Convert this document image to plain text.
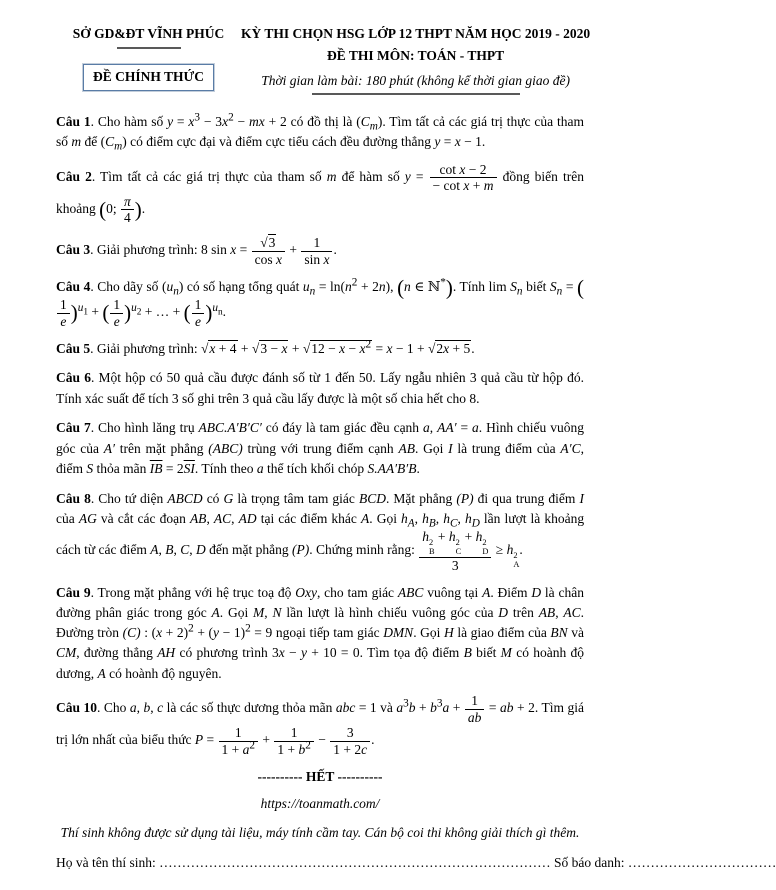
SỞ GD&ĐT VĨNH PHÚC
ĐỀ CHÍNH THỨC
KỲ THI CHỌN HSG LỚP 12 THPT NĂM HỌC 2019 - 2020
ĐỀ THI MÔN: TOÁN - THPT
Thời gian làm bài: 180 phút (không kể thời gian giao đề)
Câu 1. Cho hàm số $y = x^3 - 3x^2$ − mx + 2 có đồ thị là $(C_m)$. Tìm tất cả các giá trị thực của tham số m để $(C_m)$ có điểm cực đại và điểm cực tiểu cách đều đường thẳng y = x − 1.
Câu 2. Tìm tất cả các giá trị thực của tham số m để hàm số $y = \frac{\text{cot x − 2}}{\text{− cot x + m}}$ đồng biến trên khoảng (0; $\frac{\pi}{4}$ ).
Câu 3. Giải phương trình: 8 $\sin x = \frac{√3}{\text{cos x}} + \frac{1}{\text{sin x}}$ .
Câu 4. Cho dãy số $(u_n)$ có số hạng tổng quát $u_n = \ln(n^2 + 2n)$, (n ∈ ℕ*). Tính $\lim S_n$ biết $S_n$ = (
$\frac{1}{e} )^{u_1}$ + ( $\frac{1}{e} )^{u_2}$ + … + ( $\frac{1}{e} )^{u_n}$.
Câu 5. Giải phương trình: $√x + 4 + √3 - x + √12 - x - x^2 = x - 1 + √2x + 5$.
Câu 6. Một hộp có 50 quả cầu được đánh số từ 1 đến 50. Lấy ngẫu nhiên 3 quả cầu từ hộp đó. Tính xác suất để tích 3 số ghi trên 3 quả cầu lấy được là một số chia hết cho 8.
Câu 7. Cho hình lăng trụ ABC.A′B′C′ có đáy là tam giác đều cạnh a, AA′ = a. Hình chiếu vuông góc của A′ trên mặt phẳng (ABC) trùng với trung điểm cạnh AB. Gọi I là trung điểm của A′C, điểm S thỏa mãn $\overline{IB} = 2\overline{SI}$. Tính theo a thể tích khối chóp S.AA′B′B.
Câu 8. Cho tứ diện ABCD có G là trọng tâm tam giác BCD. Mặt phẳng (P) đi qua trung điểm I của AG và cắt các đoạn AB, AC, AD tại các điểm khác A. Gọi $h_A$, $h_B$, $h_C$, $h_D$ lần lượt là khoảng cách từ các điểm A, B, C, D đến mặt phẳng (P). Chứng minh rằng: h 2
B
+ h 2
C
+ h 2
D
3 ≥ h 2
A
.
Câu 9. Trong mặt phẳng với hệ trục toạ độ Oxy, cho tam giác ABC vuông tại A. Điểm D là chân đường phân giác trong góc A. Gọi M, N lần lượt là hình chiếu vuông góc của D trên AB, AC. Đường tròn (C) : $(x + 2)^2 + (y - 1)^2 = 9$ ngoại tiếp tam giác DMN. Gọi H là giao điểm của BN và CM, đường thẳng AH có phương trình 3x − y + 10 = 0. Tìm tọa độ điểm B biết M có hoành độ dương, A có hoành độ nguyên.
Câu 10. Cho a, b, c là các số thực dương thỏa mãn abc = 1 và $a^3b + b^3a + \frac{1}{ab}$ = ab + 2. Tìm giá trị lớn nhất của biểu thức $P = \frac{1}{1 + a^2} + \frac{1}{1 + b^2} - \frac{3}{1 + 2c}$ .
---------- HẾT ----------
https://toanmath.com/
Thí sinh không được sử dụng tài liệu, máy tính cầm tay. Cán bộ coi thi không giải thích gì thêm.
Họ và tên thí sinh: …………………………………………………………………………… Số báo danh: ……………………………
